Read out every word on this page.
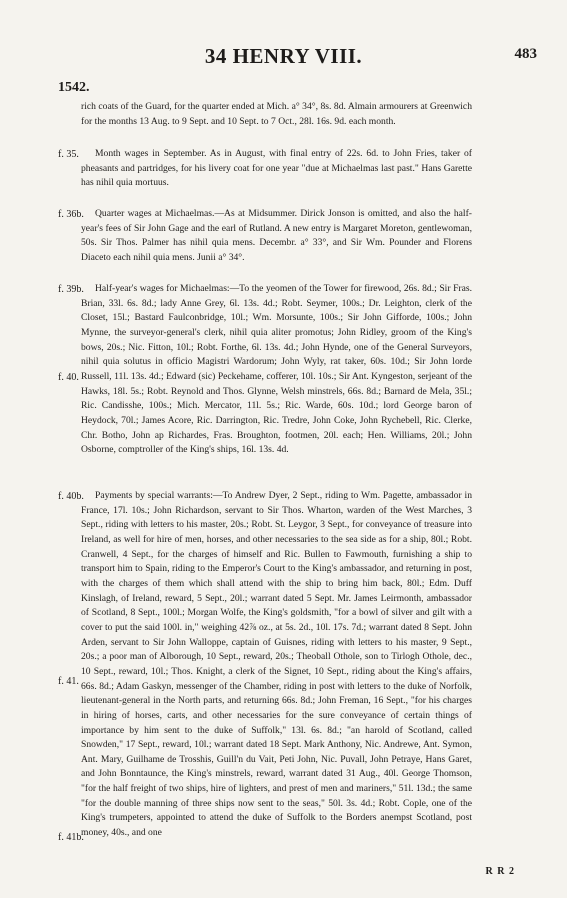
34 HENRY VIII.	483
1542.
f. 35.
f. 36b.
f. 39b.
f. 40.
f. 40b.
f. 41.
f. 41b.

rich coats of the Guard, for the quarter ended at Mich. a° 34°, 8s. 8d. Almain armourers at Greenwich for the months 13 Aug. to 9 Sept. and 10 Sept. to 7 Oct., 28l. 16s. 9d. each month.

Month wages in September. As in August, with final entry of 22s. 6d. to John Fries, taker of pheasants and partridges, for his livery coat for one year "due at Michaelmas last past." Hans Garette has nihil quia mortuus.

Quarter wages at Michaelmas.—As at Midsummer. Dirick Jonson is omitted, and also the half-year's fees of Sir John Gage and the earl of Rutland. A new entry is Margaret Moreton, gentlewoman, 50s. Sir Thos. Palmer has nihil quia mens. Decembr. a° 33°, and Sir Wm. Pounder and Florens Diaceto each nihil quia mens. Junii a° 34°.

Half-year's wages for Michaelmas:—To the yeomen of the Tower for firewood, 26s. 8d.; Sir Fras. Brian, 33l. 6s. 8d.; lady Anne Grey, 6l. 13s. 4d.; Robt. Seymer, 100s.; Dr. Leighton, clerk of the Closet, 15l.; Bastard Faulconbridge, 10l.; Wm. Morsunte, 100s.; Sir John Gifforde, 100s.; John Mynne, the surveyor-general's clerk, nihil quia aliter promotus; John Ridley, groom of the King's bows, 20s.; Nic. Fitton, 10l.; Robt. Forthe, 6l. 13s. 4d.; John Hynde, one of the General Surveyors, nihil quia solutus in officio Magistri Wardorum; John Wyly, rat taker, 60s. 10d.; Sir John lorde Russell, 11l. 13s. 4d.; Edward (sic) Peckehame, cofferer, 10l. 10s.; Sir Ant. Kyngeston, serjeant of the Hawks, 18l. 5s.; Robt. Reynold and Thos. Glynne, Welsh minstrels, 66s. 8d.; Barnard de Mela, 35l.; Ric. Candisshe, 100s.; Mich. Mercator, 11l. 5s.; Ric. Warde, 60s. 10d.; lord George baron of Heydock, 70l.; James Acore, Ric. Darrington, Ric. Tredre, John Coke, John Rychebell, Ric. Clerke, Chr. Botho, John ap Richardes, Fras. Broughton, footmen, 20l. each; Hen. Williams, 20l.; John Osborne, comptroller of the King's ships, 16l. 13s. 4d.

Payments by special warrants:—To Andrew Dyer, 2 Sept., riding to Wm. Pagette, ambassador in France, 17l. 10s.; John Richardson, servant to Sir Thos. Wharton, warden of the West Marches, 3 Sept., riding with letters to his master, 20s.; Robt. St. Leygor, 3 Sept., for conveyance of treasure into Ireland, as well for hire of men, horses, and other necessaries to the sea side as for a ship, 80l.; Robt. Cranwell, 4 Sept., for the charges of himself and Ric. Bullen to Fawmouth, furnishing a ship to transport him to Spain, riding to the Emperor's Court to the King's ambassador, and returning in post, with the charges of them which shall attend with the ship to bring him back, 80l.; Edm. Duff Kinslagh, of Ireland, reward, 5 Sept., 20l.; warrant dated 5 Sept. Mr. James Leirmonth, ambassador of Scotland, 8 Sept., 100l.; Morgan Wolfe, the King's goldsmith, "for a bowl of silver and gilt with a cover to put the said 100l. in," weighing 42⅞ oz., at 5s. 2d., 10l. 17s. 7d.; warrant dated 8 Sept. John Arden, servant to Sir John Walloppe, captain of Guisnes, riding with letters to his master, 9 Sept., 20s.; a poor man of Alborough, 10 Sept., reward, 20s.; Theoball Othole, son to Tirlogh Othole, dec., 10 Sept., reward, 10l.; Thos. Knight, a clerk of the Signet, 10 Sept., riding about the King's affairs, 66s. 8d.; Adam Gaskyn, messenger of the Chamber, riding in post with letters to the duke of Norfolk, lieutenant-general in the North parts, and returning 66s. 8d.; John Freman, 16 Sept., "for his charges in hiring of horses, carts, and other necessaries for the sure conveyance of certain things of importance by him sent to the duke of Suffolk," 13l. 6s. 8d.; "an harold of Scotland, called Snowden," 17 Sept., reward, 10l.; warrant dated 18 Sept. Mark Anthony, Nic. Andrewe, Ant. Symon, Ant. Mary, Guilhame de Trosshis, Guill'n du Vait, Peti John, Nic. Puvall, John Petraye, Hans Garet, and John Bonntaunce, the King's minstrels, reward, warrant dated 31 Aug., 40l. George Thomson, "for the half freight of two ships, hire of lighters, and prest of men and mariners," 51l. 13d.; the same "for the double manning of three ships now sent to the seas," 50l. 3s. 4d.; Robt. Cople, one of the King's trumpeters, appointed to attend the duke of Suffolk to the Borders anempst Scotland, post money, 40s., and one

R R 2
